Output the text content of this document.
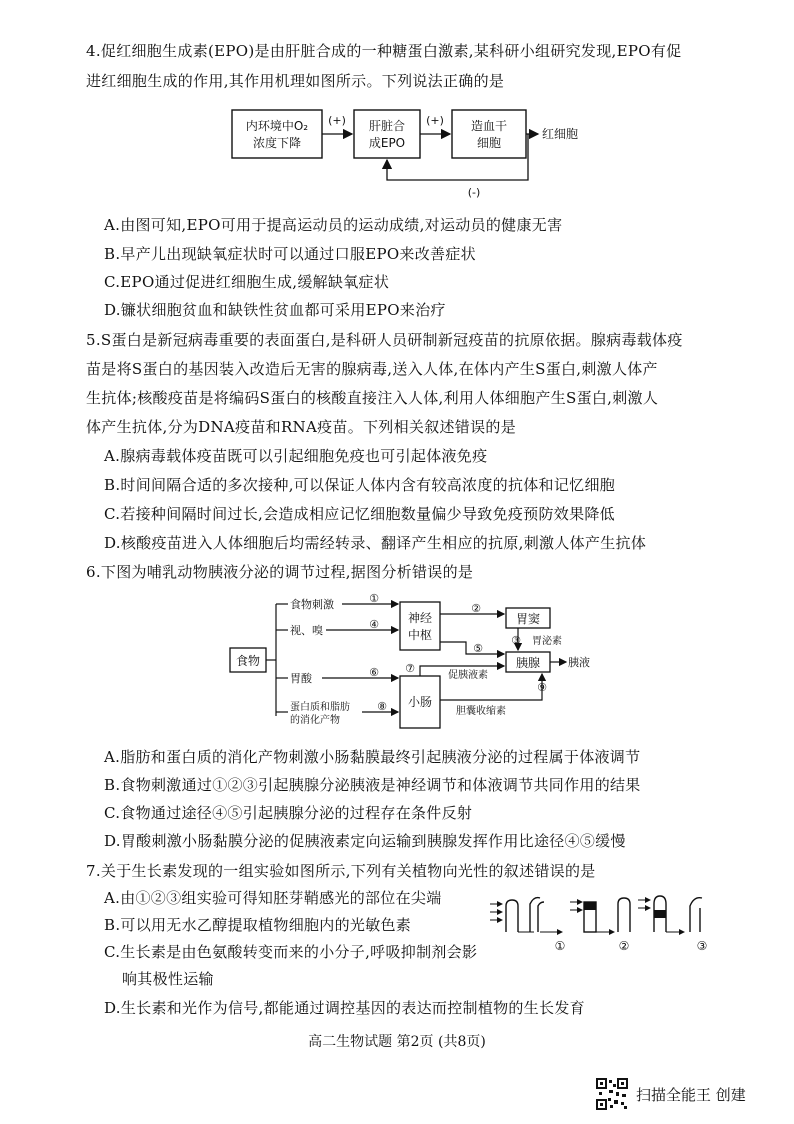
4.促红细胞生成素(EPO)是由肝脏合成的一种糖蛋白激素,某科研小组研究发现,EPO有促
进红细胞生成的作用,其作用机理如图所示。下列说法正确的是
内环境中O₂
浓度下降
肝脏合
成EPO
造血干
细胞
(+)	(+)
红细胞
(-)
A.由图可知,EPO可用于提高运动员的运动成绩,对运动员的健康无害
B.早产儿出现缺氧症状时可以通过口服EPO来改善症状
C.EPO通过促进红细胞生成,缓解缺氧症状
D.镰状细胞贫血和缺铁性贫血都可采用EPO来治疗
5.S蛋白是新冠病毒重要的表面蛋白,是科研人员研制新冠疫苗的抗原依据。腺病毒载体疫
苗是将S蛋白的基因装入改造后无害的腺病毒,送入人体,在体内产生S蛋白,刺激人体产
生抗体;核酸疫苗是将编码S蛋白的核酸直接注入人体,利用人体细胞产生S蛋白,刺激人
体产生抗体,分为DNA疫苗和RNA疫苗。下列相关叙述错误的是
A.腺病毒载体疫苗既可以引起细胞免疫也可引起体液免疫
B.时间间隔合适的多次接种,可以保证人体内含有较高浓度的抗体和记忆细胞
C.若接种间隔时间过长,会造成相应记忆细胞数量偏少导致免疫预防效果降低
D.核酸疫苗进入人体细胞后均需经转录、翻译产生相应的抗原,刺激人体产生抗体
6.下图为哺乳动物胰液分泌的调节过程,据图分析错误的是
食物
食物刺激
视、嗅
胃酸
蛋白质和脂肪
的消化产物
①
④
⑥
⑧
神经
中枢
小肠
胃窦
胰腺
②
⑤
③ 胃泌素
⑦
促胰液素
⑨
胆囊收缩素
胰液
A.脂肪和蛋白质的消化产物刺激小肠黏膜最终引起胰液分泌的过程属于体液调节
B.食物刺激通过①②③引起胰腺分泌胰液是神经调节和体液调节共同作用的结果
C.食物通过途径④⑤引起胰腺分泌的过程存在条件反射
D.胃酸刺激小肠黏膜分泌的促胰液素定向运输到胰腺发挥作用比途径④⑤缓慢
7.关于生长素发现的一组实验如图所示,下列有关植物向光性的叙述错误的是
A.由①②③组实验可得知胚芽鞘感光的部位在尖端
B.可以用无水乙醇提取植物细胞内的光敏色素
C.生长素是由色氨酸转变而来的小分子,呼吸抑制剂会影
响其极性运输
D.生长素和光作为信号,都能通过调控基因的表达而控制植物的生长发育
①	②	③
高二生物试题 第2页 (共8页)
扫描全能王 创建
